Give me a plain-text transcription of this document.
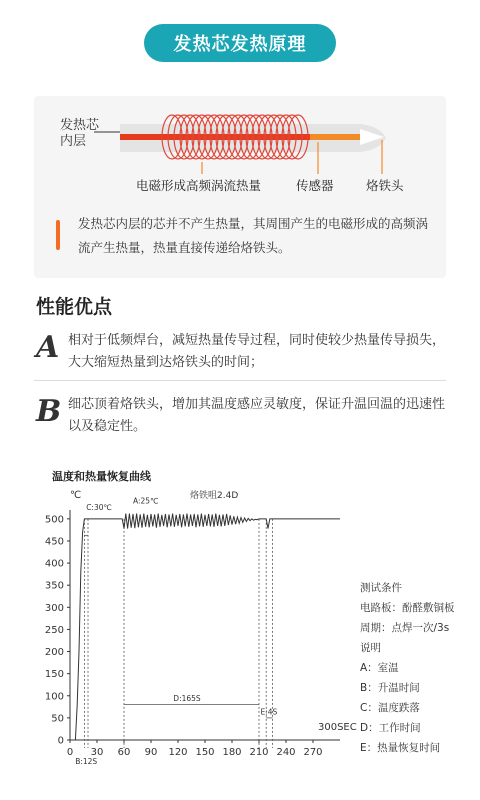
发热芯发热原理
发热芯
内层
电磁形成高频涡流热量	传感器	烙铁头
发热芯内层的芯并不产生热量，其周围产生的电磁形成的高频涡流产生热量，热量直接传递给烙铁头。
性能优点
A 相对于低频焊台，减短热量传导过程，同时使较少热量传导损失，大大缩短热量到达烙铁头的时间；
B 细芯顶着烙铁头，增加其温度感应灵敏度，保证升温回温的迅速性以及稳定性。
温度和热量恢复曲线
烙铁咀2.4D
℃
300SEC
0
50
100
150
200
250
300
350
400
450
500
0 30 60 90 120 150 180 210 240 270
C:30℃
A:25℃
D:165S
E:4S
B:12S
测试条件
电路板：酚醛敷铜板
周期：点焊一次/3s
说明
A：室温
B：升温时间
C：温度跌落
D：工作时间
E：热量恢复时间
